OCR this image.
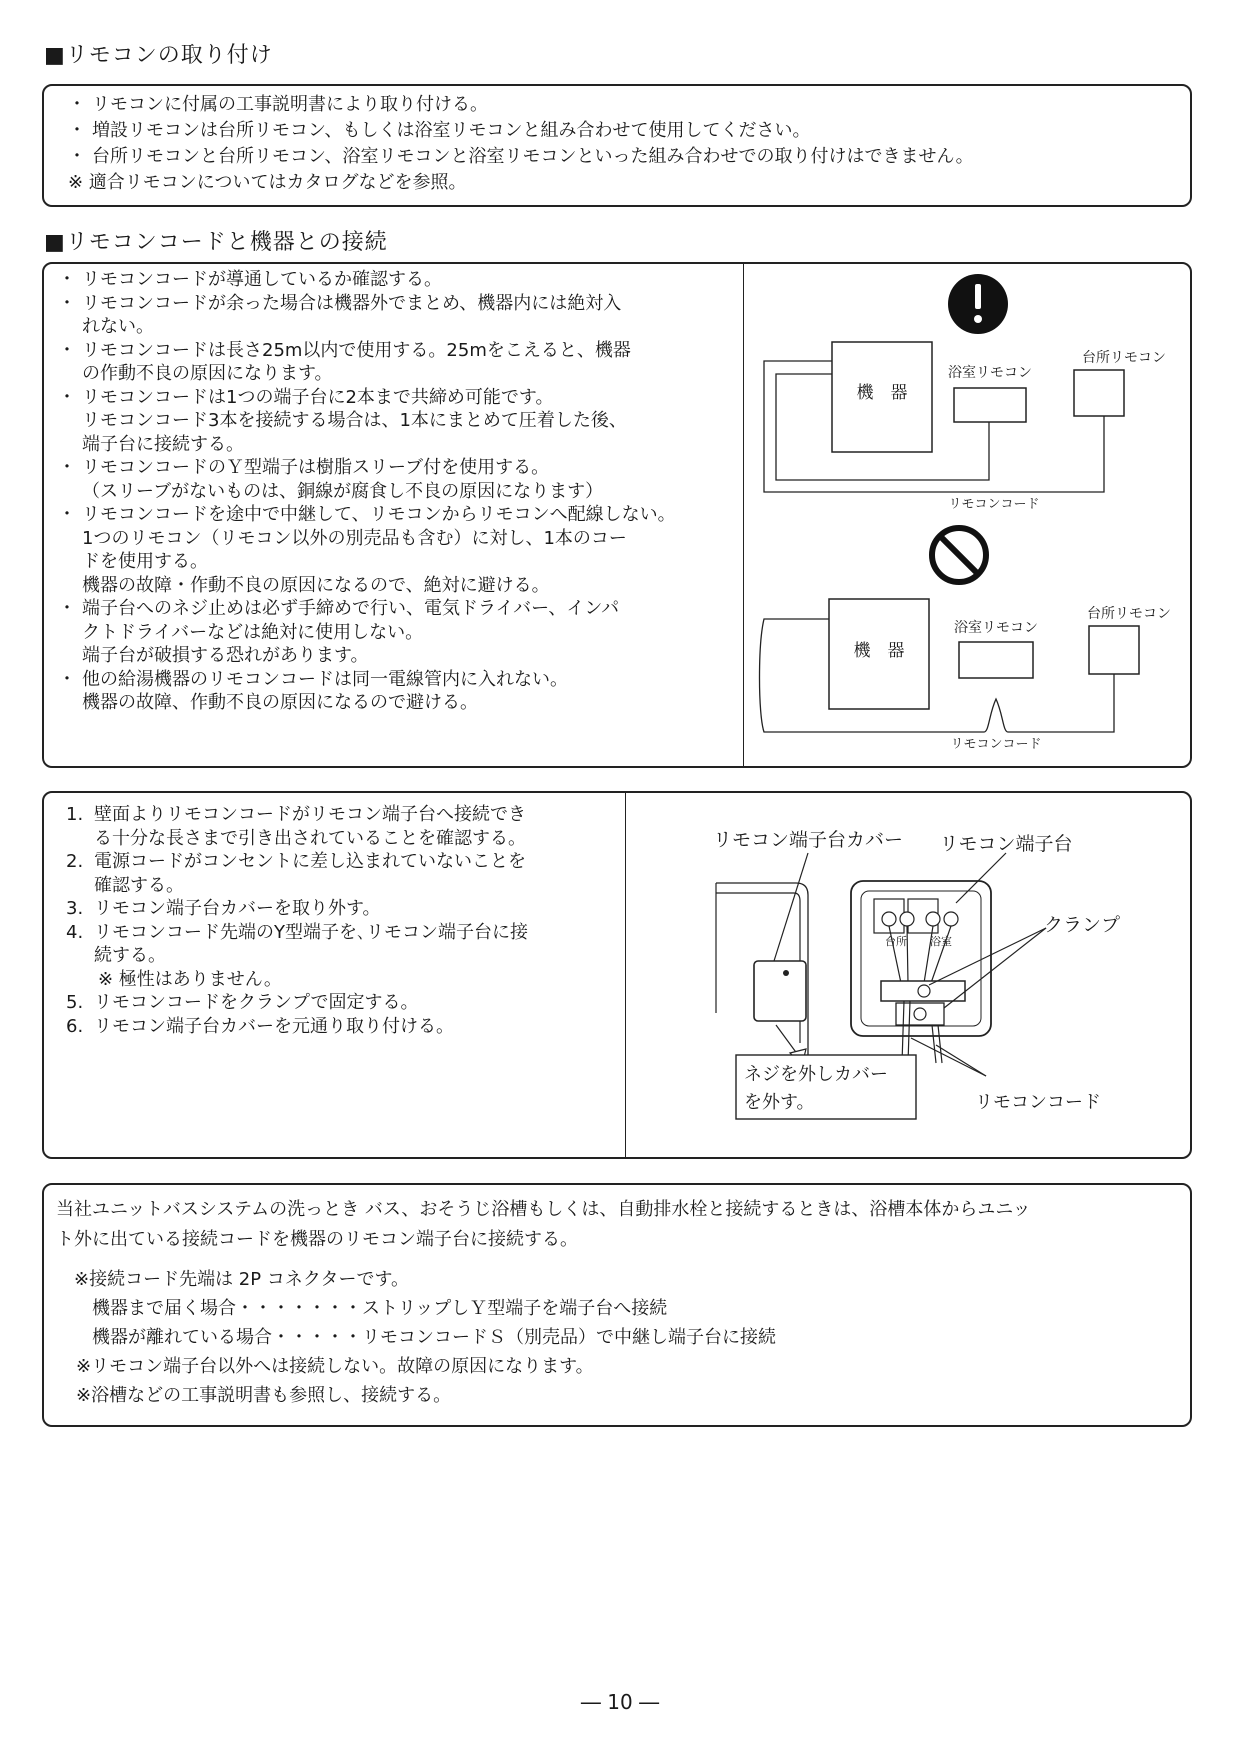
■リモコンの取り付け
・ リモコンに付属の工事説明書により取り付ける。
・ 増設リモコンは台所リモコン、もしくは浴室リモコンと組み合わせて使用してください。
・ 台所リモコンと台所リモコン、浴室リモコンと浴室リモコンといった組み合わせでの取り付けはできません。
※ 適合リモコンについてはカタログなどを参照。
■リモコンコードと機器との接続
・ リモコンコードが導通しているか確認する。
・ リモコンコードが余った場合は機器外でまとめ、機器内には絶対入
れない。
・ リモコンコードは長さ25m以内で使用する。25mをこえると、機器
の作動不良の原因になります。
・ リモコンコードは1つの端子台に2本まで共締め可能です。
リモコンコード3本を接続する場合は、1本にまとめて圧着した後、
端子台に接続する。
・ リモコンコードのＹ型端子は樹脂スリーブ付を使用する。
（スリーブがないものは、銅線が腐食し不良の原因になります）
・ リモコンコードを途中で中継して、リモコンからリモコンへ配線しない。
1つのリモコン（リモコン以外の別売品も含む）に対し、1本のコー
ドを使用する。
機器の故障・作動不良の原因になるので、絶対に避ける。
・ 端子台へのネジ止めは必ず手締めで行い、電気ドライバー、インパ
クトドライバーなどは絶対に使用しない。
端子台が破損する恐れがあります。
・ 他の給湯機器のリモコンコードは同一電線管内に入れない。
機器の故障、作動不良の原因になるので避ける。
機　器
浴室リモコン
台所リモコン
リモコンコード
機　器
浴室リモコン
台所リモコン
リモコンコード
1. 壁面よりリモコンコードがリモコン端子台へ接続でき
る十分な長さまで引き出されていることを確認する。
2. 電源コードがコンセントに差し込まれていないことを
確認する。
3. リモコン端子台カバーを取り外す。
4. リモコンコード先端のY型端子を､リモコン端子台に接
続する。
※ 極性はありません。
5. リモコンコードをクランプで固定する。
6. リモコン端子台カバーを元通り取り付ける。
リモコン端子台カバー リモコン端子台
クランプ
台所 浴室
ネジを外しカバー
を外す。	リモコンコード
当社ユニットバスシステムの洗っとき バス、おそうじ浴槽もしくは、自動排水栓と接続するときは、浴槽本体からユニッ
ト外に出ている接続コードを機器のリモコン端子台に接続する。
※接続コード先端は 2P コネクターです。
機器まで届く場合・・・・・・・ストリップしＹ型端子を端子台へ接続
機器が離れている場合・・・・・リモコンコードＳ（別売品）で中継し端子台に接続
※リモコン端子台以外へは接続しない。故障の原因になります。
※浴槽などの工事説明書も参照し、接続する。
― 10 ―
